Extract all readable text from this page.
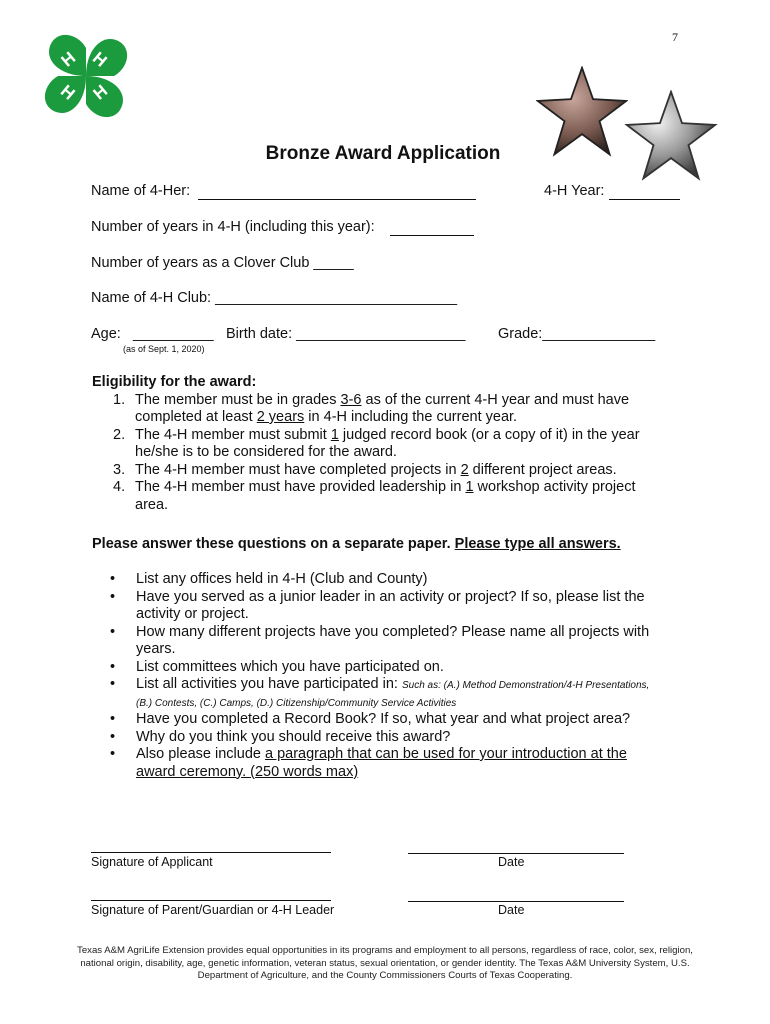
7
H H
H
H
Bronze Award Application
Name of 4-Her:	4-H Year:
Number of years in 4-H (including this year):
Number of years as a Clover Club _____
Name of 4-H Club: ______________________________
Age: __________
(as of Sept. 1, 2020)
Birth date: _____________________ Grade:______________
Eligibility for the award:
1. The member must be in grades 3-6 as of the current 4-H year and must have completed at least 2 years in 4-H including the current year.
2. The 4-H member must submit 1 judged record book (or a copy of it) in the year he/she is to be considered for the award.
3. The 4-H member must have completed projects in 2 different project areas.
4. The 4-H member must have provided leadership in 1 workshop activity project area.
Please answer these questions on a separate paper. Please type all answers.
• List any offices held in 4-H (Club and County)
• Have you served as a junior leader in an activity or project? If so, please list the activity or project.
• How many different projects have you completed? Please name all projects with years.
• List committees which you have participated on.
• List all activities you have participated in: Such as: (A.) Method Demonstration/4-H Presentations, (B.) Contests, (C.) Camps, (D.) Citizenship/Community Service Activities
• Have you completed a Record Book? If so, what year and what project area?
• Why do you think you should receive this award?
• Also please include a paragraph that can be used for your introduction at the award ceremony. (250 words max)
Signature of Applicant	Date
Signature of Parent/Guardian or 4-H Leader	Date
Texas A&M AgriLife Extension provides equal opportunities in its programs and employment to all persons, regardless of race, color, sex, religion, national origin, disability, age, genetic information, veteran status, sexual orientation, or gender identity. The Texas A&M University System, U.S. Department of Agriculture, and the County Commissioners Courts of Texas Cooperating.
